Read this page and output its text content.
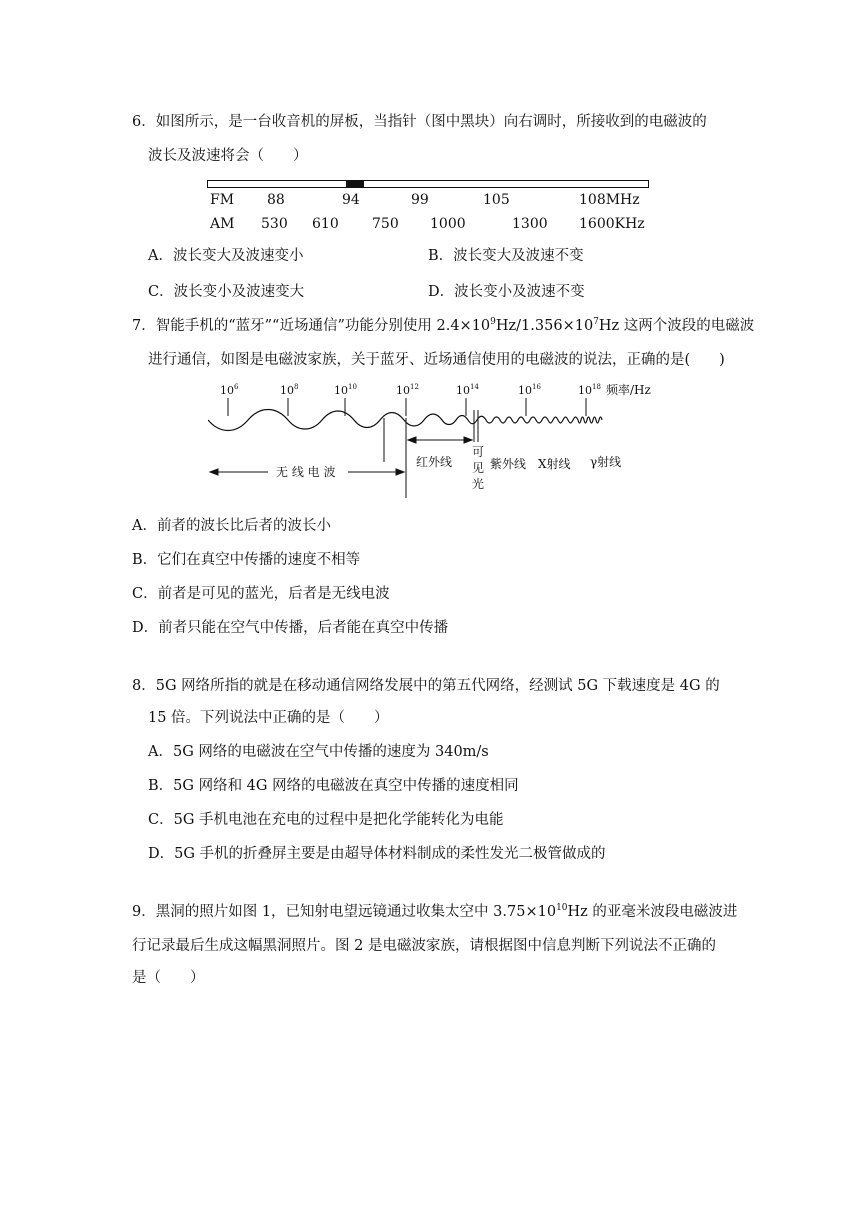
6．如图所示，是一台收音机的屏板，当指针（图中黑块）向右调时，所接收到的电磁波的
波长及波速将会（　　）
FM 88	94	99	105	108MHz
AM 530 610 750 1000	1300 1600KHz
A．波长变大及波速变小	B．波长变大及波速不变
C．波长变小及波速变大	D．波长变小及波速不变
7．智能手机的“蓝牙”“近场通信”功能分别使用 $2.4\times 10^9Hz/1.356\times 10^7Hz$ 这两个波段的电磁波
进行通信，如图是电磁波家族，关于蓝牙、近场通信使用的电磁波的说法，正确的是(　　)
$10^6$	$10^8$	$10^{10}$	$10^{12}$	$10^{14}$	$10^{16}$	$10^{18}$ 频率/Hz
无 线 电 波
红外线
可
见
光
紫外线 X射线 γ射线
A．前者的波长比后者的波长小
B．它们在真空中传播的速度不相等
C．前者是可见的蓝光，后者是无线电波
D．前者只能在空气中传播，后者能在真空中传播
8．5G 网络所指的就是在移动通信网络发展中的第五代网络，经测试 5G 下载速度是 4G 的
15 倍。下列说法中正确的是（　　）
A．5G 网络的电磁波在空气中传播的速度为 340m/s
B．5G 网络和 4G 网络的电磁波在真空中传播的速度相同
C．5G 手机电池在充电的过程中是把化学能转化为电能
D．5G 手机的折叠屏主要是由超导体材料制成的柔性发光二极管做成的
9．黑洞的照片如图 1，已知射电望远镜通过收集太空中 $3.75\times 10^{10}Hz$ 的亚毫米波段电磁波进
行记录最后生成这幅黑洞照片。图 2 是电磁波家族，请根据图中信息判断下列说法不正确的
是（　　）
